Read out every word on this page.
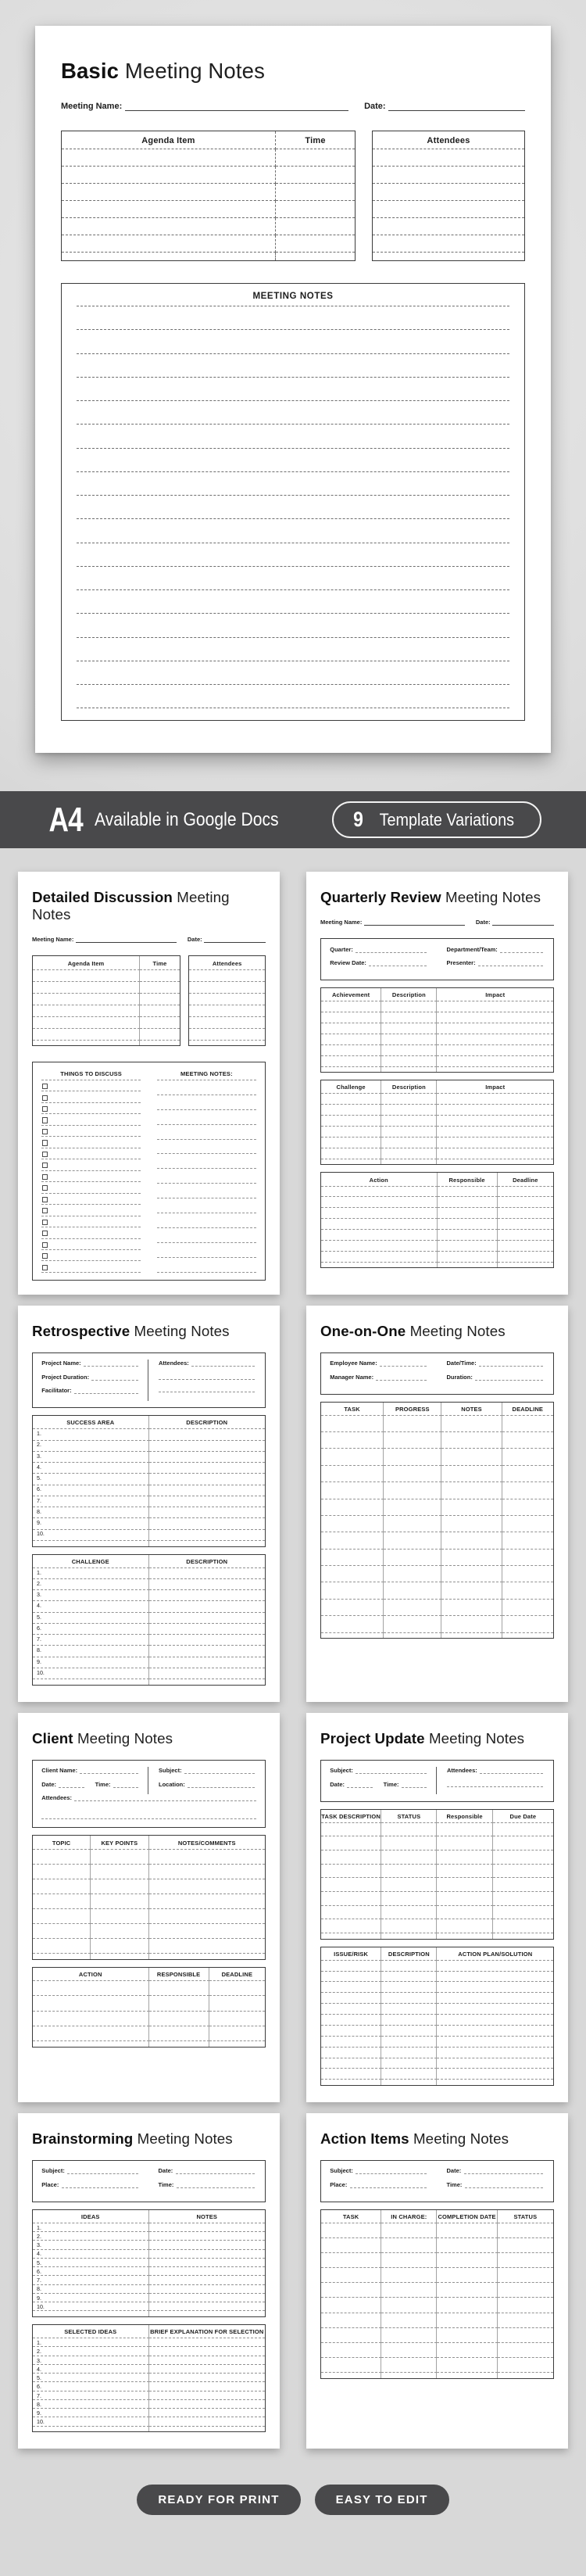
Basic Meeting Notes
Meeting Name:	Date:
Agenda Item	Time	Attendees
MEETING NOTES
A4 Available in Google Docs	9 Template Variations
Detailed Discussion Meeting Notes
Meeting Name:	Date:
Agenda Item	Time	Attendees
THINGS TO DISCUSS	MEETING NOTES:
Quarterly Review Meeting Notes
Meeting Name:	Date:
Quarter:
Review Date:
Department/Team:
Presenter:
Achievement	Description	Impact
Challenge	Description	Impact
Action	Responsible	Deadline
Retrospective Meeting Notes
Project Name:
Project Duration:
Facilitator:
Attendees:
SUCCESS AREA	DESCRIPTION
1.
2.
3.
4.
5.
6.
7.
8.
9.
10.
CHALLENGE	DESCRIPTION
1.
2.
3.
4.
5.
6.
7.
8.
9.
10.
One-on-One Meeting Notes
Employee Name:
Manager Name:
Date/Time:
Duration:
TASK	PROGRESS	NOTES	DEADLINE
Client Meeting Notes
Client Name:
Date:	Time:
Subject:
Location:
Attendees:
TOPIC	KEY POINTS	NOTES/COMMENTS
ACTION	RESPONSIBLE	DEADLINE
Project Update Meeting Notes
Subject:
Date:	Time:
Attendees:
TASK DESCRIPTION	STATUS	Responsible	Due Date
ISSUE/RISK	DESCRIPTION	ACTION PLAN/SOLUTION
Brainstorming Meeting Notes
Subject:
Place:
Date:
Time:
IDEAS	NOTES
1.
2.
3.
4.
5.
6.
7.
8.
9.
10.
SELECTED IDEAS	BRIEF EXPLANATION FOR SELECTION
1.
2.
3.
4.
5.
6.
7.
8.
9.
10.
Action Items Meeting Notes
Subject:
Place:
Date:
Time:
TASK	IN CHARGE:	COMPLETION DATE	STATUS
READY FOR PRINT	EASY TO EDIT
